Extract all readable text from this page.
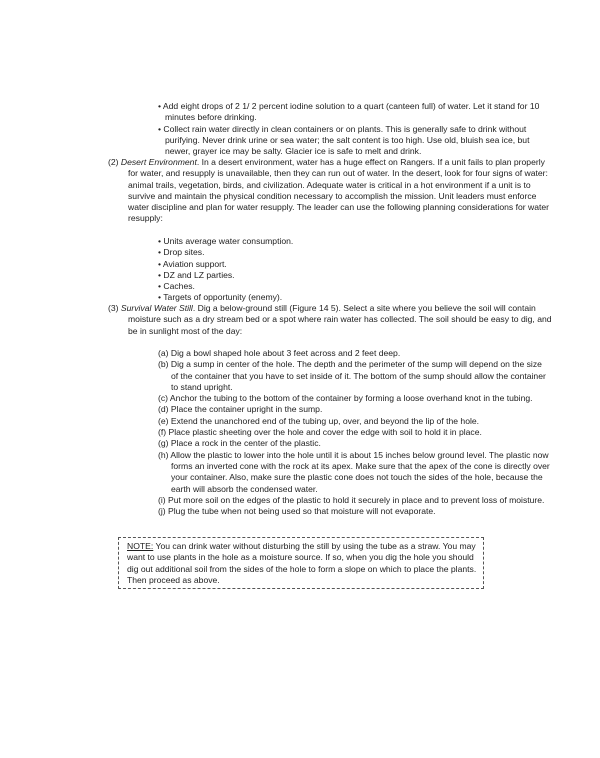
• Add eight drops of 2 1/ 2 percent iodine solution to a quart (canteen full) of water. Let it stand for 10 minutes before drinking.
• Collect rain water directly in clean containers or on plants. This is generally safe to drink without purifying. Never drink urine or sea water; the salt content is too high. Use old, bluish sea ice, but newer, grayer ice may be salty. Glacier ice is safe to melt and drink.
(2) Desert Environment. In a desert environment, water has a huge effect on Rangers. If a unit fails to plan properly for water, and resupply is unavailable, then they can run out of water. In the desert, look for four signs of water: animal trails, vegetation, birds, and civilization. Adequate water is critical in a hot environment if a unit is to survive and maintain the physical condition necessary to accomplish the mission. Unit leaders must enforce water discipline and plan for water resupply. The leader can use the following planning considerations for water resupply:
• Units average water consumption.
• Drop sites.
• Aviation support.
• DZ and LZ parties.
• Caches.
• Targets of opportunity (enemy).
(3) Survival Water Still. Dig a below-ground still (Figure 14 5). Select a site where you believe the soil will contain moisture such as a dry stream bed or a spot where rain water has collected. The soil should be easy to dig, and be in sunlight most of the day:
(a) Dig a bowl shaped hole about 3 feet across and 2 feet deep.
(b) Dig a sump in center of the hole. The depth and the perimeter of the sump will depend on the size of the container that you have to set inside of it. The bottom of the sump should allow the container to stand upright.
(c) Anchor the tubing to the bottom of the container by forming a loose overhand knot in the tubing.
(d) Place the container upright in the sump.
(e) Extend the unanchored end of the tubing up, over, and beyond the lip of the hole.
(f) Place plastic sheeting over the hole and cover the edge with soil to hold it in place.
(g) Place a rock in the center of the plastic.
(h) Allow the plastic to lower into the hole until it is about 15 inches below ground level. The plastic now forms an inverted cone with the rock at its apex. Make sure that the apex of the cone is directly over your container. Also, make sure the plastic cone does not touch the sides of the hole, because the earth will absorb the condensed water.
(i) Put more soil on the edges of the plastic to hold it securely in place and to prevent loss of moisture.
(j) Plug the tube when not being used so that moisture will not evaporate.
NOTE: You can drink water without disturbing the still by using the tube as a straw. You may want to use plants in the hole as a moisture source. If so, when you dig the hole you should dig out additional soil from the sides of the hole to form a slope on which to place the plants. Then proceed as above.
